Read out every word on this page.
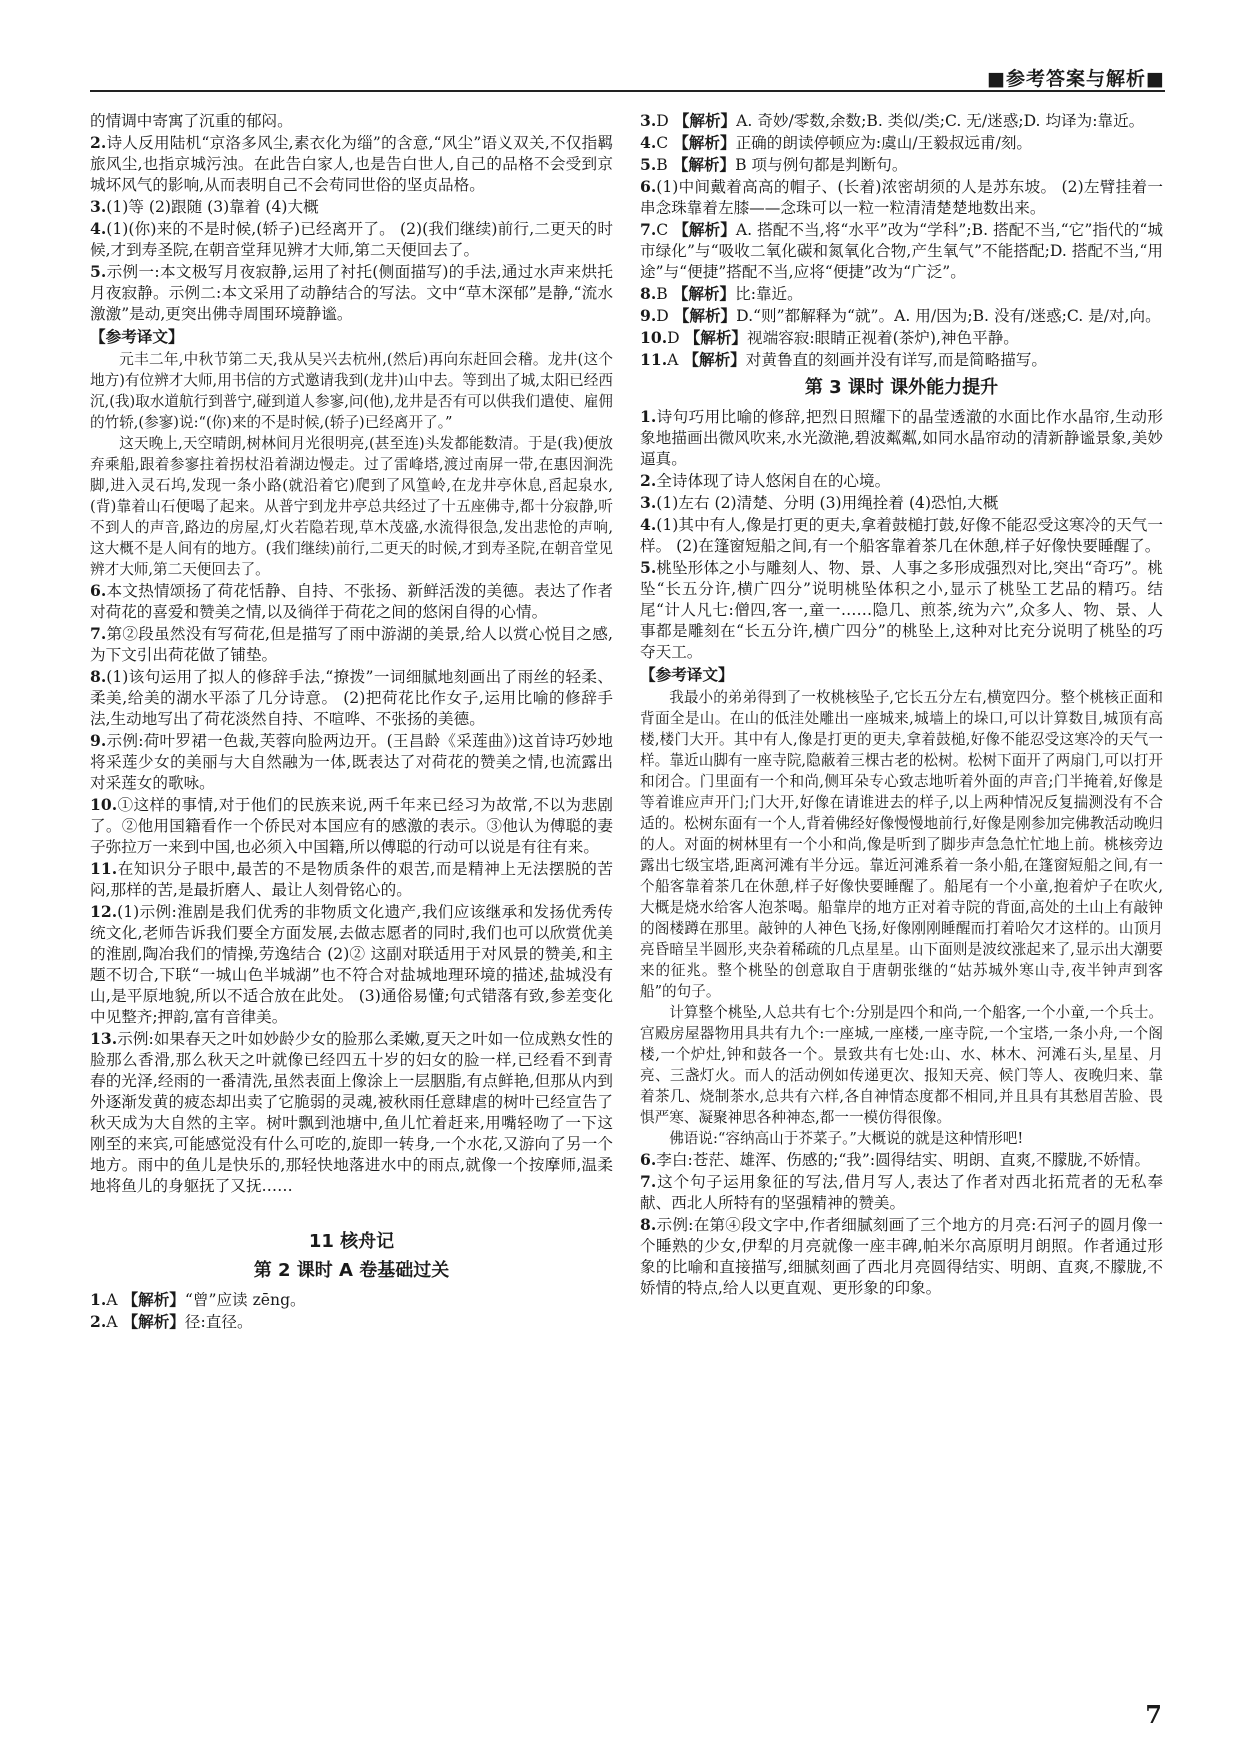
■参考答案与解析■

的情调中寄寓了沉重的郁闷。

2.诗人反用陆机“京洛多风尘,素衣化为缁”的含意,“风尘”语义双关,不仅指羁旅风尘,也指京城污浊。在此告白家人,也是告白世人,自己的品格不会受到京城坏风气的影响,从而表明自己不会苟同世俗的坚贞品格。

3.(1)等 (2)跟随 (3)靠着 (4)大概

4.(1)(你)来的不是时候,(轿子)已经离开了。 (2)(我们继续)前行,二更天的时候,才到寿圣院,在朝音堂拜见辨才大师,第二天便回去了。

5.示例一:本文极写月夜寂静,运用了衬托(侧面描写)的手法,通过水声来烘托月夜寂静。示例二:本文采用了动静结合的写法。文中“草木深郁”是静,“流水激激”是动,更突出佛寺周围环境静谧。

【参考译文】

元丰二年,中秋节第二天,我从吴兴去杭州,(然后)再向东赶回会稽。龙井(这个地方)有位辨才大师,用书信的方式邀请我到(龙井)山中去。等到出了城,太阳已经西沉,(我)取水道航行到普宁,碰到道人参寥,问(他),龙井是否有可以供我们遣使、雇佣的竹轿,(参寥)说:“(你)来的不是时候,(轿子)已经离开了。”

这天晚上,天空晴朗,树林间月光很明亮,(甚至连)头发都能数清。于是(我)便放弃乘船,跟着参寥拄着拐杖沿着湖边慢走。过了雷峰塔,渡过南屏一带,在惠因涧洗脚,进入灵石坞,发现一条小路(就沿着它)爬到了风篁岭,在龙井亭休息,舀起泉水,(背)靠着山石便喝了起来。从普宁到龙井亭总共经过了十五座佛寺,都十分寂静,听不到人的声音,路边的房屋,灯火若隐若现,草木茂盛,水流得很急,发出悲怆的声响,这大概不是人间有的地方。(我们继续)前行,二更天的时候,才到寿圣院,在朝音堂见辨才大师,第二天便回去了。

6.本文热情颂扬了荷花恬静、自持、不张扬、新鲜活泼的美德。表达了作者对荷花的喜爱和赞美之情,以及徜徉于荷花之间的悠闲自得的心情。

7.第②段虽然没有写荷花,但是描写了雨中游湖的美景,给人以赏心悦目之感,为下文引出荷花做了铺垫。

8.(1)该句运用了拟人的修辞手法,“撩拨”一词细腻地刻画出了雨丝的轻柔、柔美,给美的湖水平添了几分诗意。 (2)把荷花比作女子,运用比喻的修辞手法,生动地写出了荷花淡然自持、不喧哗、不张扬的美德。

9.示例:荷叶罗裙一色裁,芙蓉向脸两边开。(王昌龄《采莲曲》)这首诗巧妙地将采莲少女的美丽与大自然融为一体,既表达了对荷花的赞美之情,也流露出对采莲女的歌咏。

10.①这样的事情,对于他们的民族来说,两千年来已经习为故常,不以为悲剧了。②他用国籍看作一个侨民对本国应有的感激的表示。③他认为傅聪的妻子弥拉万一来到中国,也必须入中国籍,所以傅聪的行动可以说是有往有来。

11.在知识分子眼中,最苦的不是物质条件的艰苦,而是精神上无法摆脱的苦闷,那样的苦,是最折磨人、最让人刻骨铭心的。

12.(1)示例:淮剧是我们优秀的非物质文化遗产,我们应该继承和发扬优秀传统文化,老师告诉我们要全方面发展,去做志愿者的同时,我们也可以欣赏优美的淮剧,陶冶我们的情操,劳逸结合 (2)② 这副对联适用于对风景的赞美,和主题不切合,下联“一城山色半城湖”也不符合对盐城地理环境的描述,盐城没有山,是平原地貌,所以不适合放在此处。 (3)通俗易懂;句式错落有致,参差变化中见整齐;押韵,富有音律美。

13.示例:如果春天之叶如妙龄少女的脸那么柔嫩,夏天之叶如一位成熟女性的脸那么香滑,那么秋天之叶就像已经四五十岁的妇女的脸一样,已经看不到青春的光泽,经雨的一番清洗,虽然表面上像涂上一层胭脂,有点鲜艳,但那从内到外逐渐发黄的疲态却出卖了它脆弱的灵魂,被秋雨任意肆虐的树叶已经宣告了秋天成为大自然的主宰。树叶飘到池塘中,鱼儿忙着赶来,用嘴轻吻了一下这刚至的来宾,可能感觉没有什么可吃的,旋即一转身,一个水花,又游向了另一个地方。雨中的鱼儿是快乐的,那轻快地落进水中的雨点,就像一个按摩师,温柔地将鱼儿的身躯抚了又抚……

11 核舟记

第 2 课时 A 卷基础过关

1.A 【解析】“曾”应读 zēng。

2.A 【解析】径:直径。

3.D 【解析】A. 奇妙/零数,余数;B. 类似/类;C. 无/迷惑;D. 均译为:靠近。

4.C 【解析】正确的朗读停顿应为:虞山/王毅叔远甫/刻。

5.B 【解析】B 项与例句都是判断句。

6.(1)中间戴着高高的帽子、(长着)浓密胡须的人是苏东坡。 (2)左臂挂着一串念珠靠着左膝——念珠可以一粒一粒清清楚楚地数出来。

7.C 【解析】A. 搭配不当,将“水平”改为“学科”;B. 搭配不当,“它”指代的“城市绿化”与“吸收二氧化碳和氮氧化合物,产生氧气”不能搭配;D. 搭配不当,“用途”与“便捷”搭配不当,应将“便捷”改为“广泛”。

8.B 【解析】比:靠近。

9.D 【解析】D.“则”都解释为“就”。A. 用/因为;B. 没有/迷惑;C. 是/对,向。

10.D 【解析】视端容寂:眼睛正视着(茶炉),神色平静。

11.A 【解析】对黄鲁直的刻画并没有详写,而是简略描写。

第 3 课时 课外能力提升

1.诗句巧用比喻的修辞,把烈日照耀下的晶莹透澈的水面比作水晶帘,生动形象地描画出微风吹来,水光潋滟,碧波粼粼,如同水晶帘动的清新静谧景象,美妙逼真。

2.全诗体现了诗人悠闲自在的心境。

3.(1)左右 (2)清楚、分明 (3)用绳拴着 (4)恐怕,大概

4.(1)其中有人,像是打更的更夫,拿着鼓槌打鼓,好像不能忍受这寒冷的天气一样。 (2)在篷窗短船之间,有一个船客靠着茶几在休憩,样子好像快要睡醒了。

5.桃坠形体之小与雕刻人、物、景、人事之多形成强烈对比,突出“奇巧”。桃坠“长五分许,横广四分”说明桃坠体积之小,显示了桃坠工艺品的精巧。结尾“计人凡七:僧四,客一,童一……隐几、煎茶,统为六”,众多人、物、景、人事都是雕刻在“长五分许,横广四分”的桃坠上,这种对比充分说明了桃坠的巧夺天工。

【参考译文】

我最小的弟弟得到了一枚桃核坠子,它长五分左右,横宽四分。整个桃核正面和背面全是山。在山的低洼处雕出一座城来,城墙上的垛口,可以计算数目,城顶有高楼,楼门大开。其中有人,像是打更的更夫,拿着鼓槌,好像不能忍受这寒冷的天气一样。靠近山脚有一座寺院,隐蔽着三棵古老的松树。松树下面开了两扇门,可以打开和闭合。门里面有一个和尚,侧耳朵专心致志地听着外面的声音;门半掩着,好像是等着谁应声开门;门大开,好像在请谁进去的样子,以上两种情况反复揣测没有不合适的。松树东面有一个人,背着佛经好像慢慢地前行,好像是刚参加完佛教活动晚归的人。对面的树林里有一个小和尚,像是听到了脚步声急急忙忙地上前。桃核旁边露出七级宝塔,距离河滩有半分远。靠近河滩系着一条小船,在篷窗短船之间,有一个船客靠着茶几在休憩,样子好像快要睡醒了。船尾有一个小童,抱着炉子在吹火,大概是烧水给客人泡茶喝。船靠岸的地方正对着寺院的背面,高处的土山上有敲钟的阁楼蹲在那里。敲钟的人神色飞扬,好像刚刚睡醒而打着哈欠才这样的。山顶月亮昏暗呈半圆形,夹杂着稀疏的几点星星。山下面则是波纹涨起来了,显示出大潮要来的征兆。整个桃坠的创意取自于唐朝张继的“姑苏城外寒山寺,夜半钟声到客船”的句子。

计算整个桃坠,人总共有七个:分别是四个和尚,一个船客,一个小童,一个兵士。宫殿房屋器物用具共有九个:一座城,一座楼,一座寺院,一个宝塔,一条小舟,一个阁楼,一个炉灶,钟和鼓各一个。景致共有七处:山、水、林木、河滩石头,星星、月亮、三盏灯火。而人的活动例如传递更次、报知天亮、候门等人、夜晚归来、靠着茶几、烧制茶水,总共有六样,各自神情态度都不相同,并且具有其愁眉苦脸、畏惧严寒、凝聚神思各种神态,都一一模仿得很像。

佛语说:“容纳高山于芥菜子。”大概说的就是这种情形吧!

6.李白:苍茫、雄浑、伤感的;“我”:圆得结实、明朗、直爽,不朦胧,不娇情。

7.这个句子运用象征的写法,借月写人,表达了作者对西北拓荒者的无私奉献、西北人所特有的坚强精神的赞美。

8.示例:在第④段文字中,作者细腻刻画了三个地方的月亮:石河子的圆月像一个睡熟的少女,伊犁的月亮就像一座丰碑,帕米尔高原明月朗照。作者通过形象的比喻和直接描写,细腻刻画了西北月亮圆得结实、明朗、直爽,不朦胧,不娇情的特点,给人以更直观、更形象的印象。

7
